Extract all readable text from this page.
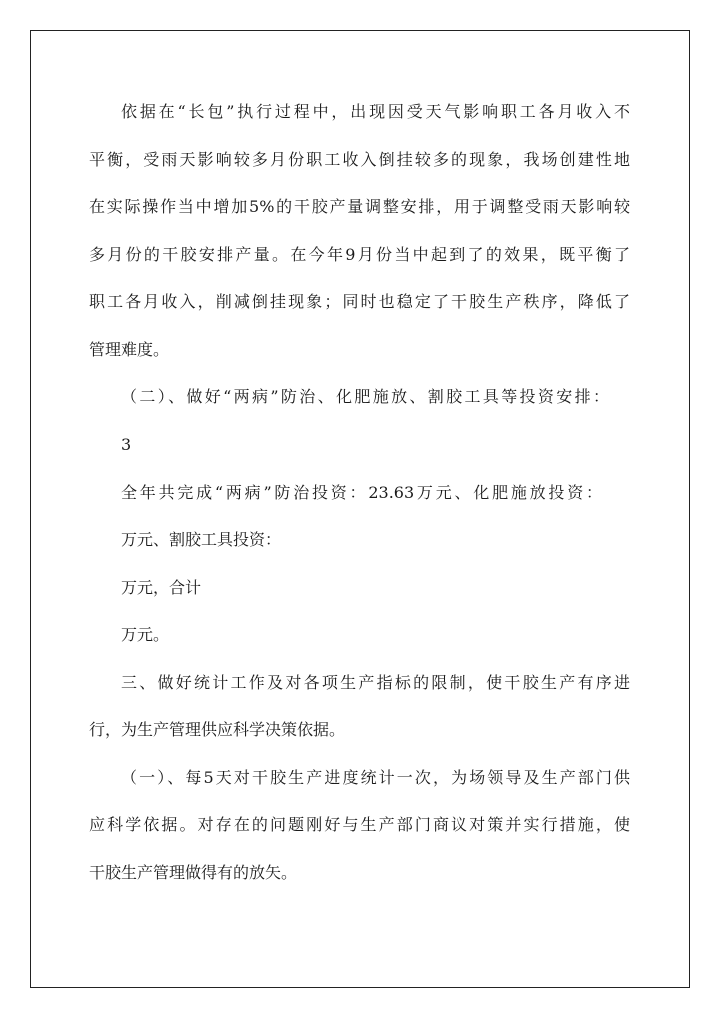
依据在“长包”执行过程中，出现因受天气影响职工各月收入不
平衡，受雨天影响较多月份职工收入倒挂较多的现象，我场创建性地
在实际操作当中增加5%的干胶产量调整安排，用于调整受雨天影响较
多月份的干胶安排产量。在今年9月份当中起到了的效果，既平衡了
职工各月收入，削减倒挂现象；同时也稳定了干胶生产秩序，降低了
管理难度。
（二）、做好“两病”防治、化肥施放、割胶工具等投资安排：
3
全年共完成“两病”防治投资：23.63万元、化肥施放投资：
万元、割胶工具投资：
万元，合计
万元。
三、做好统计工作及对各项生产指标的限制，使干胶生产有序进
行，为生产管理供应科学决策依据。
（一）、每5天对干胶生产进度统计一次，为场领导及生产部门供
应科学依据。对存在的问题刚好与生产部门商议对策并实行措施，使
干胶生产管理做得有的放矢。
